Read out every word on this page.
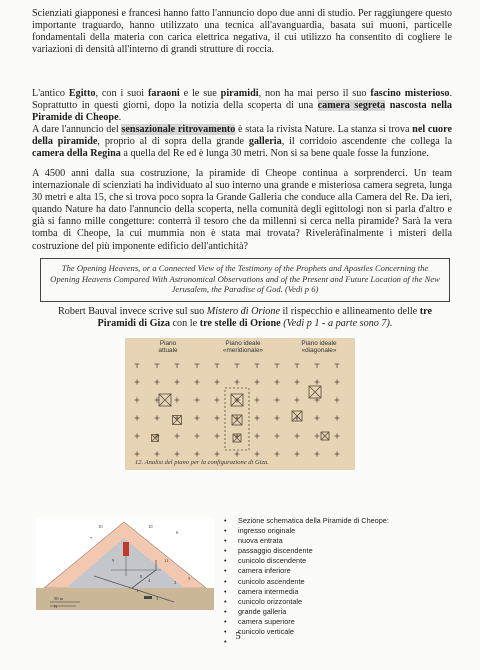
Scienziati giapponesi e francesi hanno fatto l'annuncio dopo due anni di studio. Per raggiungere questo importante traguardo, hanno utilizzato una tecnica all'avanguardia, basata sui muoni, particelle fondamentali della materia con carica elettrica negativa, il cui utilizzo ha consentito di cogliere le variazioni di densità all'interno di grandi strutture di roccia.

L'antico Egitto, con i suoi faraoni e le sue piramidi, non ha mai perso il suo fascino misterioso. Soprattutto in questi giorni, dopo la notizia della scoperta di una camera segreta nascosta nella Piramide di Cheope.
A dare l'annuncio del sensazionale ritrovamento è stata la rivista Nature. La stanza si trova nel cuore della piramide, proprio al di sopra della grande galleria, il corridoio ascendente che collega la camera della Regina a quella del Re ed è lunga 30 metri. Non si sa bene quale fosse la funzione.

A 4500 anni dalla sua costruzione, la piramide di Cheope continua a sorprenderci. Un team internazionale di scienziati ha individuato al suo interno una grande e misteriosa camera segreta, lunga 30 metri e alta 15, che si trova poco sopra la Grande Galleria che conduce alla Camera del Re. Da ieri, quando Nature ha dato l'annuncio della scoperta, nella comunità degli egittologi non si parla d'altro e già si fanno mille congetture: conterrà il tesoro che da millenni si cerca nella piramide? Sarà la vera tomba di Cheope, la cui mummia non è stata mai trovata? Riveleràfinalmente i misteri della costruzione del più imponente edificio dell'antichità?

The Opening Heavens, or a Connected View of the Testimony of the Prophets and Apostles Concerning the Opening Heavens Compared With Astronomical Observations and of the Present and Future Location of the New Jerusalem, the Paradise of God. (Vedi p 6)

Robert Bauval invece scrive sul suo Mistero di Orione il rispecchio e allineamento delle tre Piramidi di Giza con le tre stelle di Orione (Vedi p 1 - a parte sono 7).

Piano
attuale
Piano ideale
«meridionale»
Piano ideale
«diagonale»
12. Analisi del piano per la configurazione di Giza.
10	10
7
6
9	11
5
4
1
2
3
8
50 m
N
• Sezione schematica della Piramide di Cheope:
• ingresso originale
• nuova entrata
• passaggio discendente
• cunicolo discendente
• camera inferiore
• cunicolo ascendente
• camera intermedia
• cunicolo orizzontale
• grande galleria
• camera superiore
• cunicolo verticale
5
